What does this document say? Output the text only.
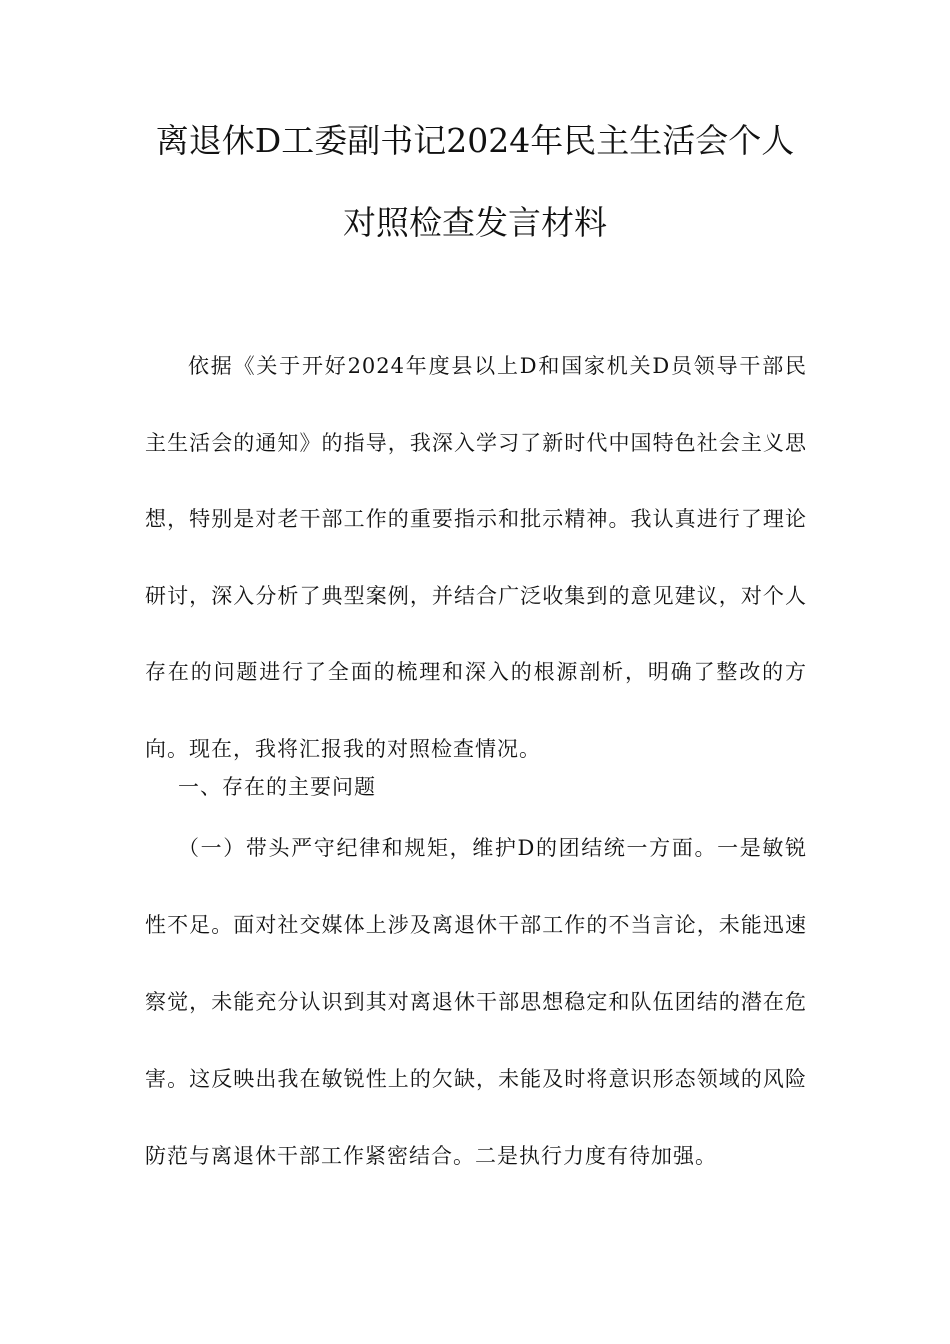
离退休D工委副书记2024年民主生活会个人对照检查发言材料

依据《关于开好2024年度县以上D和国家机关D员领导干部民主生活会的通知》的指导，我深入学习了新时代中国特色社会主义思想，特别是对老干部工作的重要指示和批示精神。我认真进行了理论研讨，深入分析了典型案例，并结合广泛收集到的意见建议，对个人存在的问题进行了全面的梳理和深入的根源剖析，明确了整改的方向。现在，我将汇报我的对照检查情况。

一、存在的主要问题

（一）带头严守纪律和规矩，维护D的团结统一方面。一是敏锐性不足。面对社交媒体上涉及离退休干部工作的不当言论，未能迅速察觉，未能充分认识到其对离退休干部思想稳定和队伍团结的潜在危害。这反映出我在敏锐性上的欠缺，未能及时将意识形态领域的风险防范与离退休干部工作紧密结合。二是执行力度有待加强。
